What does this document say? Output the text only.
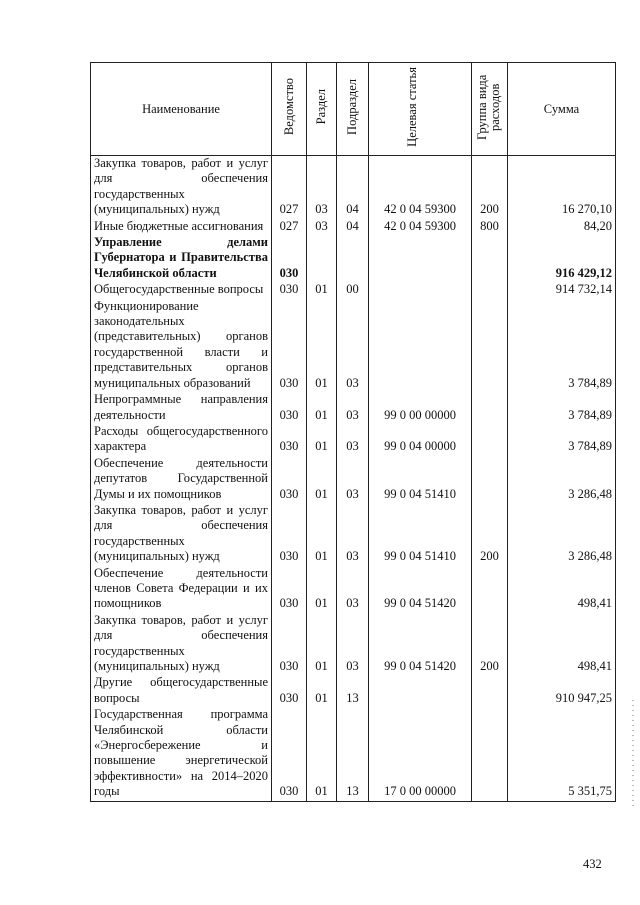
Наименование	Ведомство	Раздел	Подраздел	Целевая статья	Группа вида расходов	Сумма
Закупка товаров, работ и услуг для обеспечения государственных (муниципальных) нужд	027	03	04	42 0 04 59300	200	16 270,10
Иные бюджетные ассигнования	027	03	04	42 0 04 59300	800	84,20
Управление делами Губернатора и Правительства Челябинской области	030					916 429,12
Общегосударственные вопросы	030	01	00			914 732,14
Функционирование законодательных (представительных) органов государственной власти и представительных органов муниципальных образований	030	01	03			3 784,89
Непрограммные направления деятельности	030	01	03	99 0 00 00000		3 784,89
Расходы общегосударственного характера	030	01	03	99 0 04 00000		3 784,89
Обеспечение деятельности депутатов Государственной Думы и их помощников	030	01	03	99 0 04 51410		3 286,48
Закупка товаров, работ и услуг для обеспечения государственных (муниципальных) нужд	030	01	03	99 0 04 51410	200	3 286,48
Обеспечение деятельности членов Совета Федерации и их помощников	030	01	03	99 0 04 51420		498,41
Закупка товаров, работ и услуг для обеспечения государственных (муниципальных) нужд	030	01	03	99 0 04 51420	200	498,41
Другие общегосударственные вопросы	030	01	13			910 947,25
Государственная программа Челябинской области «Энергосбережение и повышение энергетической эффективности» на 2014–2020 годы	030	01	13	17 0 00 00000		5 351,75
432
